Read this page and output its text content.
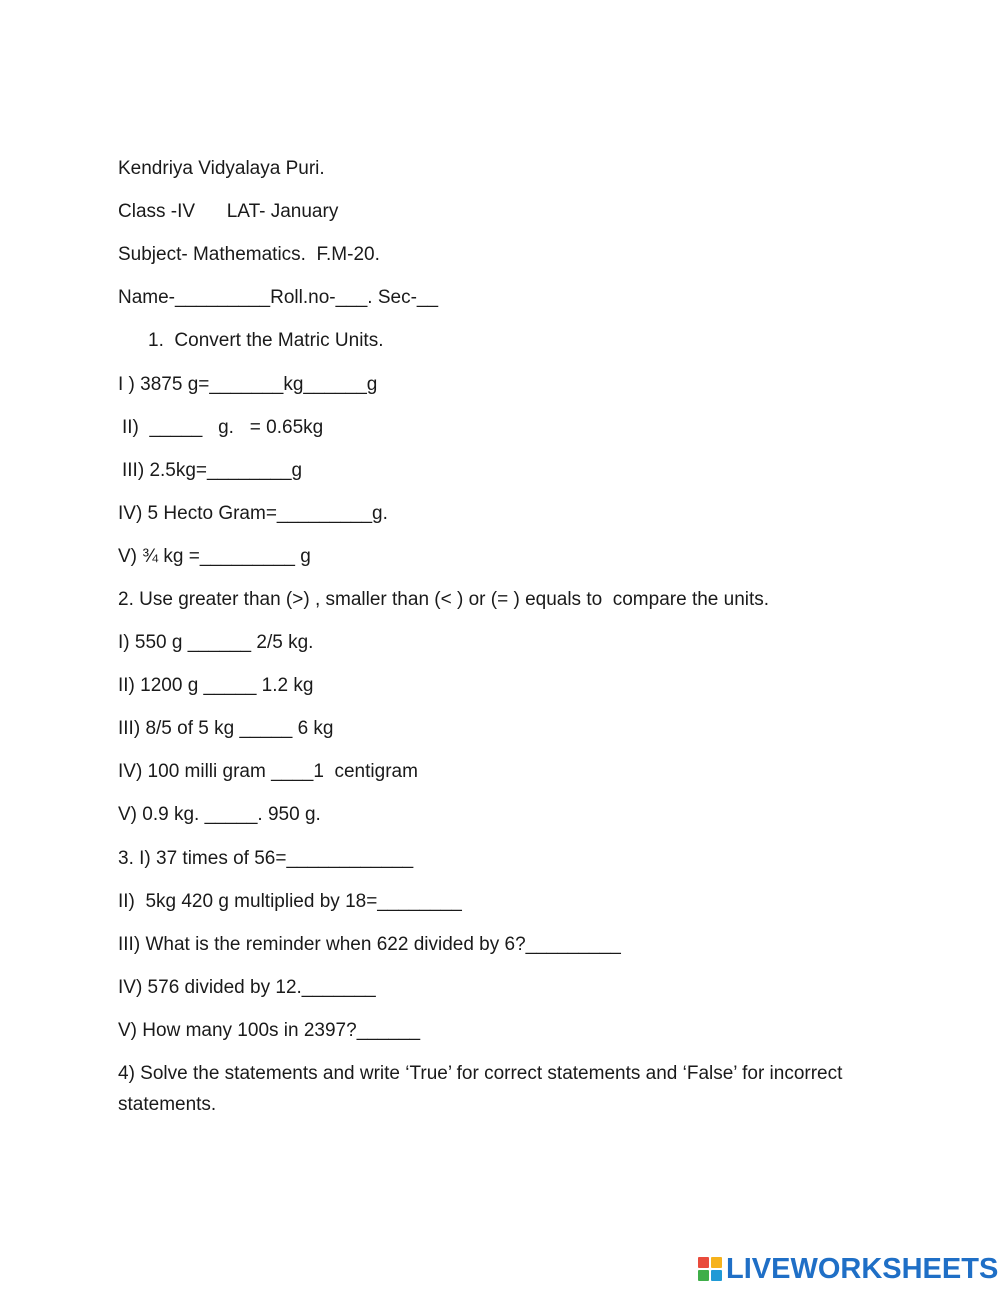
Kendriya Vidyalaya Puri.
Class -IV      LAT- January
Subject- Mathematics.  F.M-20.
Name-_________Roll.no-___. Sec-__
1.  Convert the Matric Units.
I ) 3875 g=_______kg______g
II)  _____   g.   = 0.65kg
III) 2.5kg=________g
IV) 5 Hecto Gram=_________g.
V) ¾ kg =_________ g
2. Use greater than (>) , smaller than (< ) or (= ) equals to  compare the units.
I) 550 g ______ 2/5 kg.
II) 1200 g _____ 1.2 kg
III) 8/5 of 5 kg _____ 6 kg
IV) 100 milli gram ____1  centigram
V) 0.9 kg. _____. 950 g.
3. I) 37 times of 56=____________
II)  5kg 420 g multiplied by 18=________
III) What is the reminder when 622 divided by 6?_________
IV) 576 divided by 12._______
V) How many 100s in 2397?______
4) Solve the statements and write ‘True’ for correct statements and ‘False’ for incorrect statements.
LIVEWORKSHEETS
